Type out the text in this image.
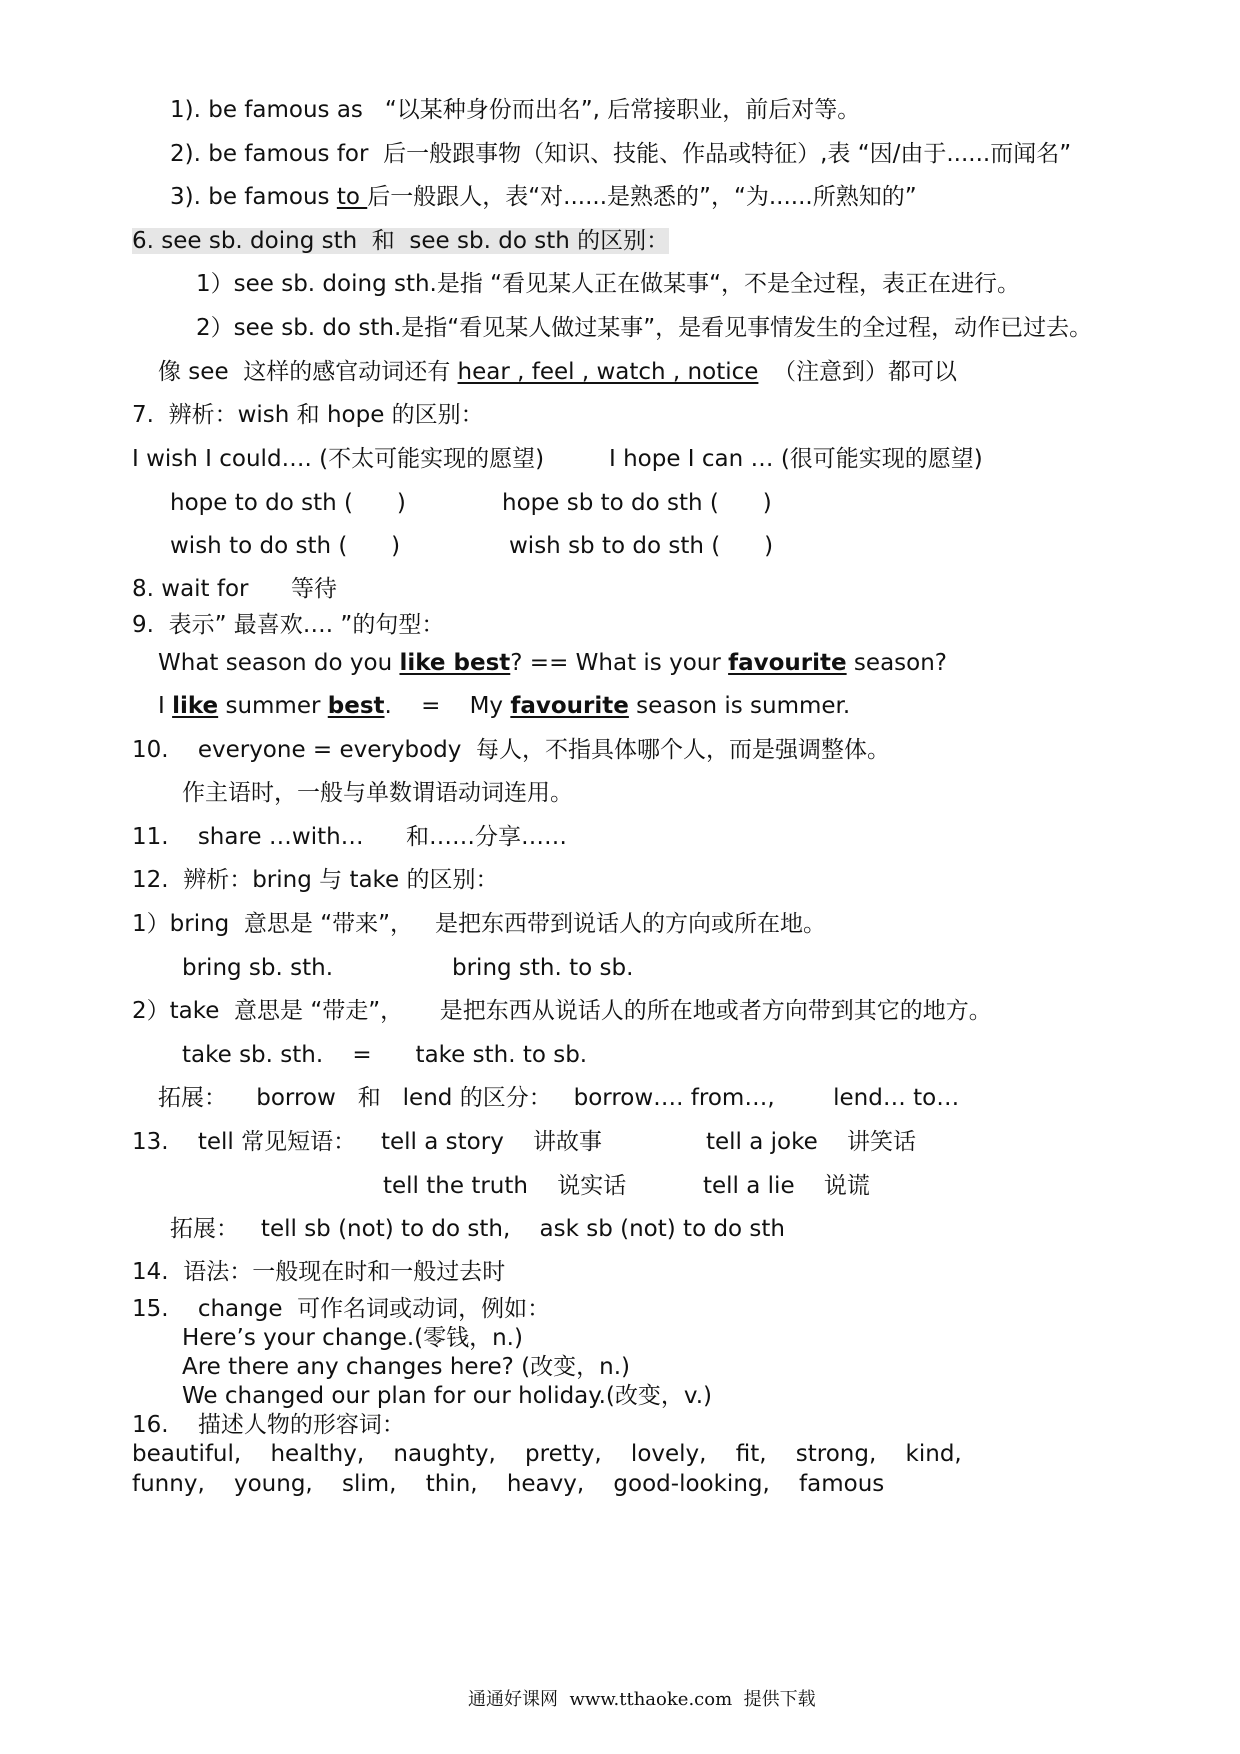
1). be famous as   “以某种身份而出名”, 后常接职业，前后对等。
2). be famous for  后一般跟事物（知识、技能、作品或特征）,表 “因/由于......而闻名”
3). be famous to 后一般跟人，表“对......是熟悉的”，“为......所熟知的”
6. see sb. doing sth  和  see sb. do sth 的区别：
1）see sb. doing sth.是指 “看见某人正在做某事“，不是全过程，表正在进行。
2）see sb. do sth.是指“看见某人做过某事”，是看见事情发生的全过程，动作已过去。
像 see  这样的感官动词还有 hear , feel , watch , notice  （注意到）都可以
7.  辨析：wish 和 hope 的区别：
I wish I could…. (不太可能实现的愿望)	I hope I can … (很可能实现的愿望)
hope to do sth (      )	hope sb to do sth (      )
wish to do sth (      )	wish sb to do sth (      )
8. wait for 等待
9.  表示” 最喜欢…. ”的句型：
What season do you like best? == What is your favourite season?
I like summer best.    =    My favourite season is summer.
10.    everyone = everybody  每人，不指具体哪个人，而是强调整体。
作主语时，一般与单数谓语动词连用。
11.    share …with… 和……分享……
12.  辨析：bring 与 take 的区别：
1）bring  意思是 “带来”，   是把东西带到说话人的方向或所在地。
bring sb. sth.	bring sth. to sb.
2）take  意思是 “带走”，     是把东西从说话人的所在地或者方向带到其它的地方。
take sb. sth.    =      take sth. to sb.
拓展：    borrow   和   lend 的区分：   borrow…. from…,        lend… to…
13.    tell 常见短语： tell a story    讲故事	tell a joke    讲笑话
tell the truth    说实话	tell a lie    说谎
拓展：   tell sb (not) to do sth,    ask sb (not) to do sth
14.  语法：一般现在时和一般过去时
15.    change  可作名词或动词，例如：
Here’s your change.(零钱，n.)
Are there any changes here? (改变，n.)
We changed our plan for our holiday.(改变，v.)
16.    描述人物的形容词：
beautiful,    healthy,    naughty,    pretty,    lovely,    fit,    strong,    kind,
funny,    young,    slim,    thin,    heavy,    good-looking,    famous
通通好课网  www.tthaoke.com  提供下载
